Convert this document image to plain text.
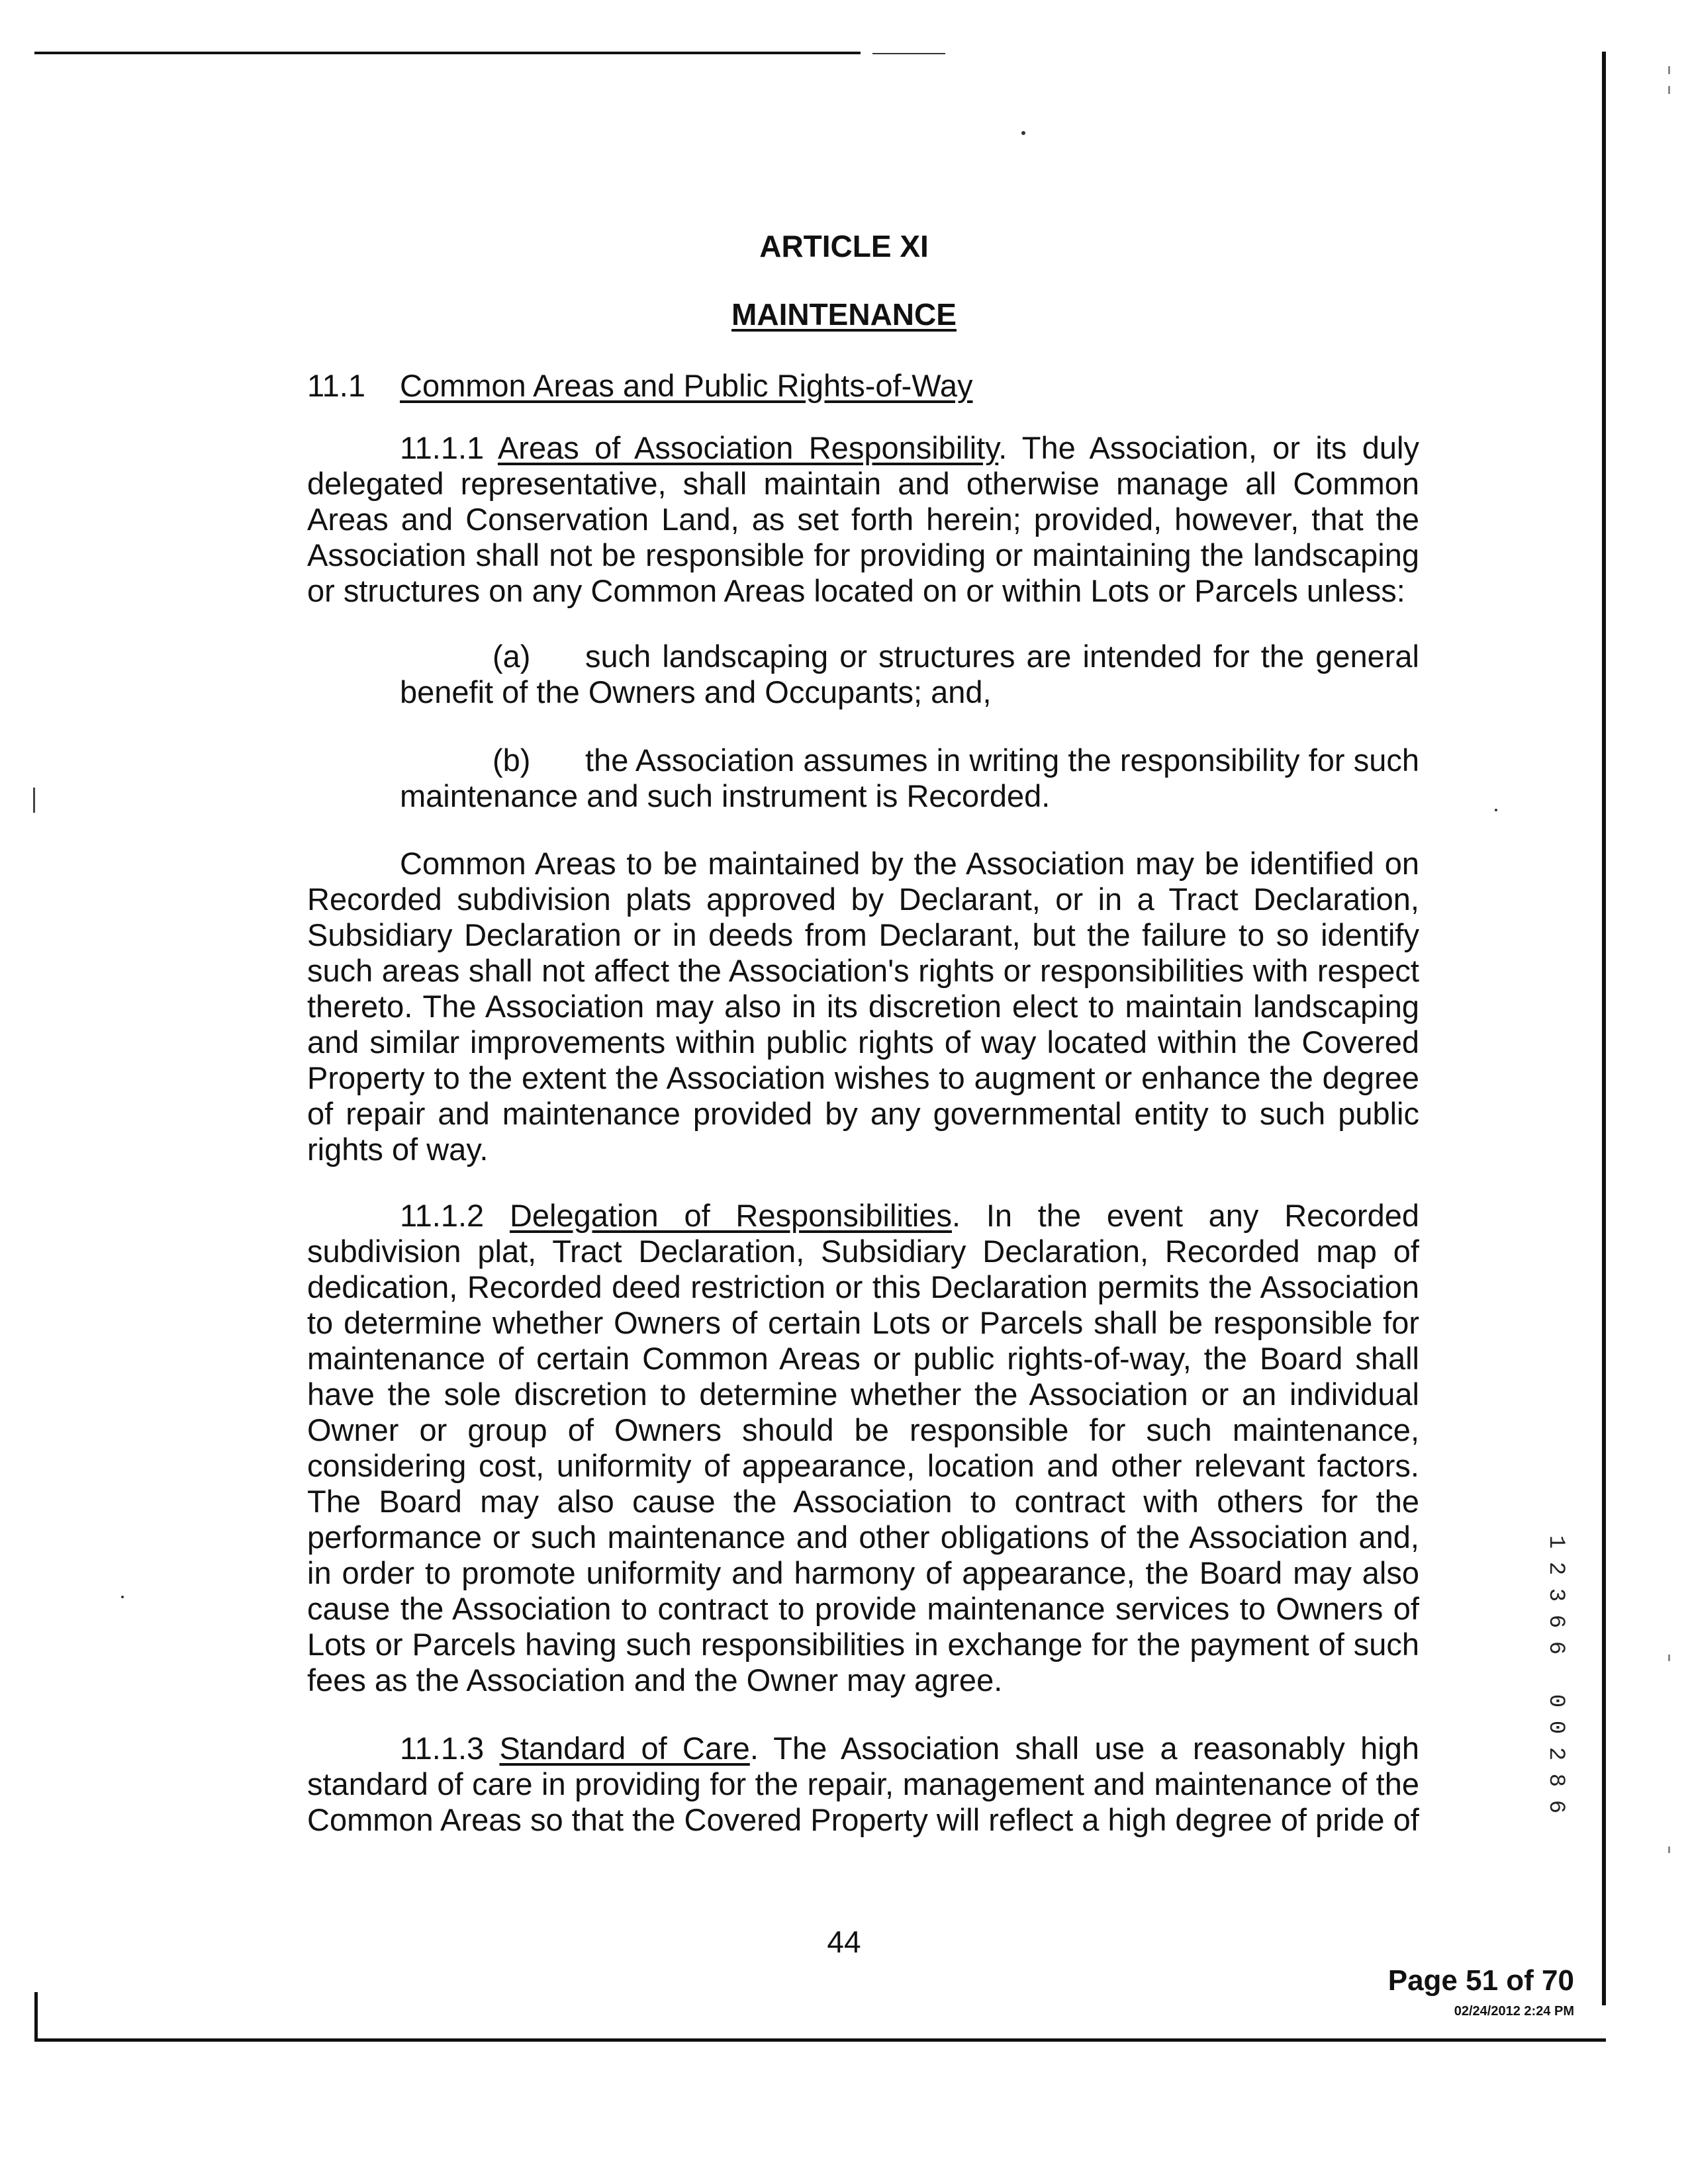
ARTICLE XI
MAINTENANCE
11.1 Common Areas and Public Rights-of-Way
11.1.1 Areas of Association Responsibility. The Association, or its duly delegated representative, shall maintain and otherwise manage all Common Areas and Conservation Land, as set forth herein; provided, however, that the Association shall not be responsible for providing or maintaining the landscaping or structures on any Common Areas located on or within Lots or Parcels unless:
(a) such landscaping or structures are intended for the general benefit of the Owners and Occupants; and,
(b) the Association assumes in writing the responsibility for such maintenance and such instrument is Recorded.
Common Areas to be maintained by the Association may be identified on Recorded subdivision plats approved by Declarant, or in a Tract Declaration, Subsidiary Declaration or in deeds from Declarant, but the failure to so identify such areas shall not affect the Association's rights or responsibilities with respect thereto. The Association may also in its discretion elect to maintain landscaping and similar improvements within public rights of way located within the Covered Property to the extent the Association wishes to augment or enhance the degree of repair and maintenance provided by any governmental entity to such public rights of way.
11.1.2 Delegation of Responsibilities. In the event any Recorded subdivision plat, Tract Declaration, Subsidiary Declaration, Recorded map of dedication, Recorded deed restriction or this Declaration permits the Association to determine whether Owners of certain Lots or Parcels shall be responsible for maintenance of certain Common Areas or public rights-of-way, the Board shall have the sole discretion to determine whether the Association or an individual Owner or group of Owners should be responsible for such maintenance, considering cost, uniformity of appearance, location and other relevant factors. The Board may also cause the Association to contract with others for the performance or such maintenance and other obligations of the Association and, in order to promote uniformity and harmony of appearance, the Board may also cause the Association to contract to provide maintenance services to Owners of Lots or Parcels having such responsibilities in exchange for the payment of such fees as the Association and the Owner may agree.
11.1.3 Standard of Care. The Association shall use a reasonably high standard of care in providing for the repair, management and maintenance of the Common Areas so that the Covered Property will reflect a high degree of pride of
44
Page 51 of 70
02/24/2012 2:24 PM
1
2
3
6
6

0
0
2
8
6
